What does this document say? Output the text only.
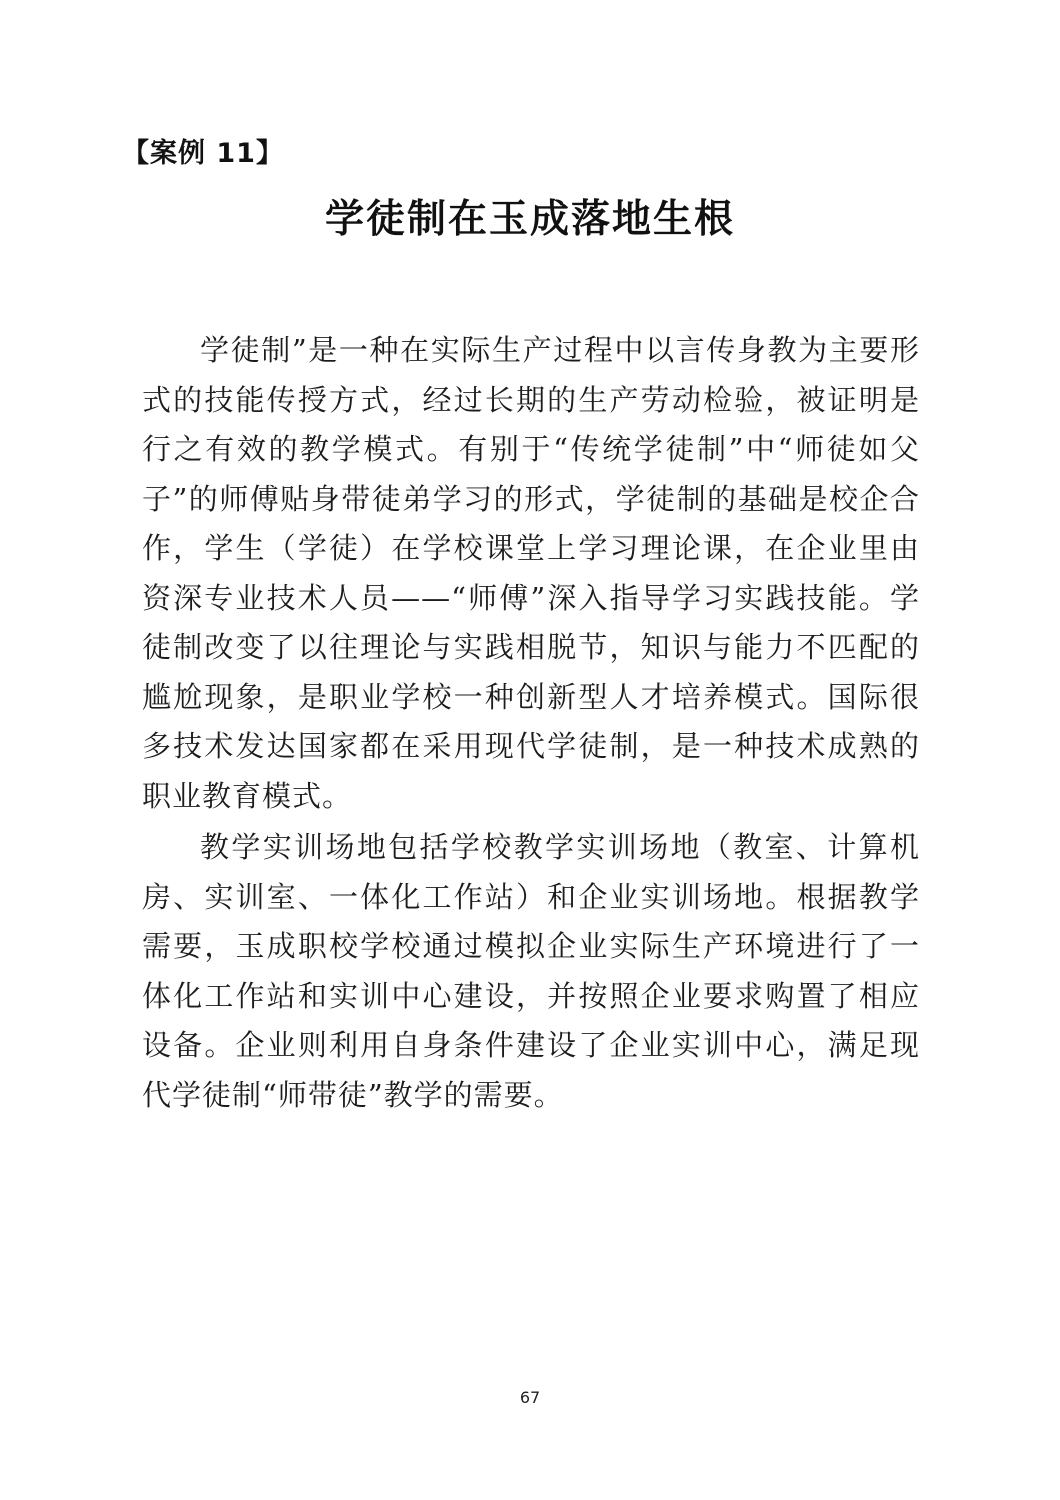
【案例 11】
学徒制在玉成落地生根

学徒制”是一种在实际生产过程中以言传身教为主要形式的技能传授方式，经过长期的生产劳动检验，被证明是行之有效的教学模式。有别于“传统学徒制”中“师徒如父子”的师傅贴身带徒弟学习的形式，学徒制的基础是校企合作，学生（学徒）在学校课堂上学习理论课，在企业里由资深专业技术人员——“师傅”深入指导学习实践技能。学徒制改变了以往理论与实践相脱节，知识与能力不匹配的尴尬现象，是职业学校一种创新型人才培养模式。国际很多技术发达国家都在采用现代学徒制，是一种技术成熟的职业教育模式。

教学实训场地包括学校教学实训场地（教室、计算机房、实训室、一体化工作站）和企业实训场地。根据教学需要，玉成职校学校通过模拟企业实际生产环境进行了一体化工作站和实训中心建设，并按照企业要求购置了相应设备。企业则利用自身条件建设了企业实训中心，满足现代学徒制“师带徒”教学的需要。

67
